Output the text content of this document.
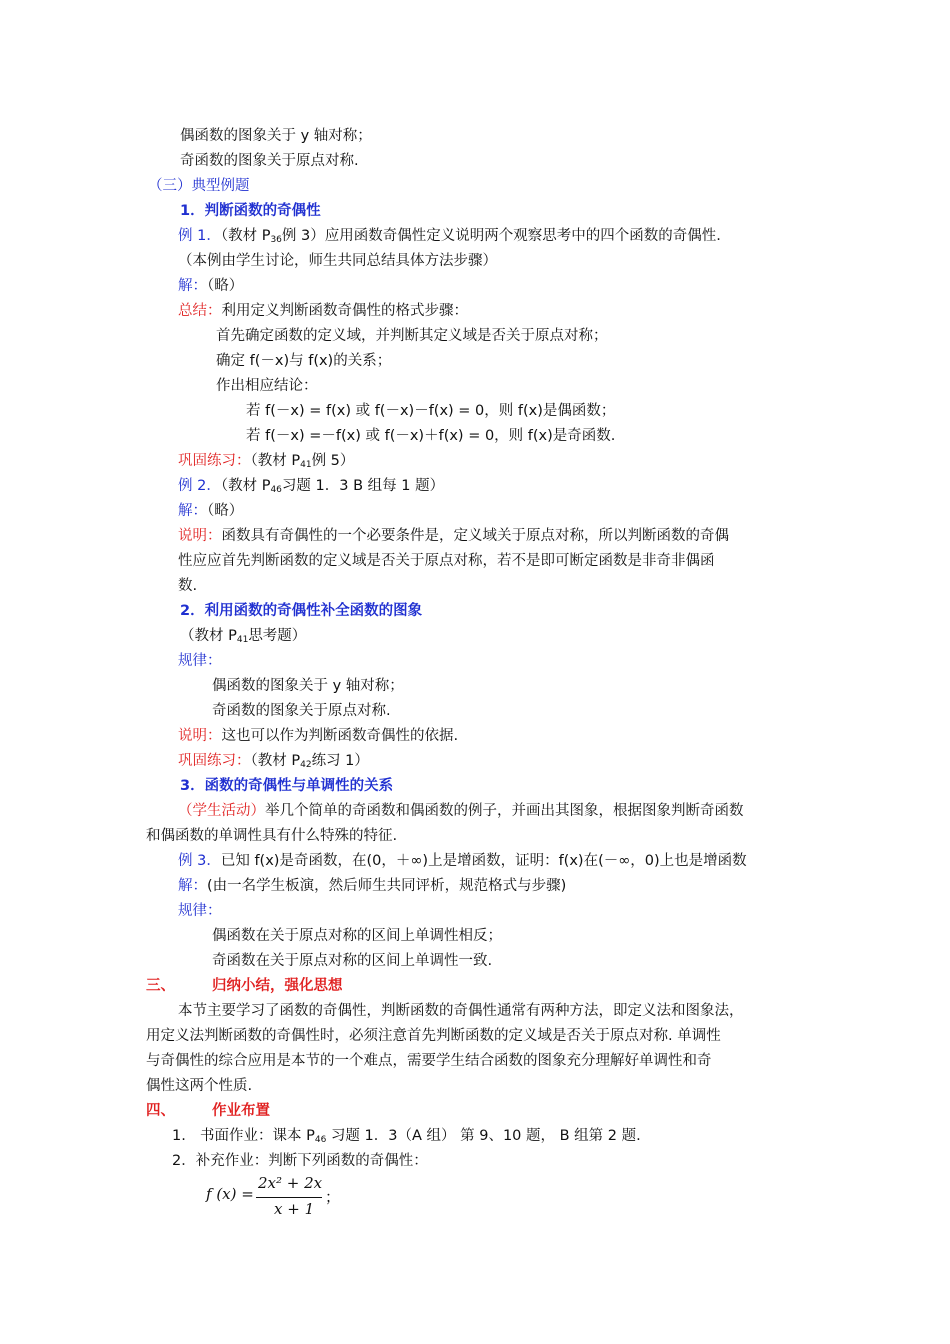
偶函数的图象关于 y 轴对称；
奇函数的图象关于原点对称.
（三）典型例题
1．判断函数的奇偶性
例 1．（教材 $P_{36}$例 3）应用函数奇偶性定义说明两个观察思考中的四个函数的奇偶性.
（本例由学生讨论，师生共同总结具体方法步骤）
解：（略）
总结：利用定义判断函数奇偶性的格式步骤：
首先确定函数的定义域，并判断其定义域是否关于原点对称；
确定 f(－x)与 f(x)的关系；
作出相应结论：
若 f(－x) = f(x) 或 f(－x)－f(x) = 0，则 f(x)是偶函数；
若 f(－x) =－f(x) 或 f(－x)＋f(x) = 0，则 f(x)是奇函数.
巩固练习：（教材 $P_{41}$例 5）
例 2．（教材 $P_{46}$习题 1．3 B 组每 1 题）
解：（略）
说明：函数具有奇偶性的一个必要条件是，定义域关于原点对称，所以判断函数的奇偶
性应应首先判断函数的定义域是否关于原点对称，若不是即可断定函数是非奇非偶函
数.
2．利用函数的奇偶性补全函数的图象
（教材 $P_{41}$思考题）
规律：
偶函数的图象关于 y 轴对称；
奇函数的图象关于原点对称.
说明：这也可以作为判断函数奇偶性的依据.
巩固练习：（教材 $P_{42}$练习 1）
3．函数的奇偶性与单调性的关系
（学生活动）举几个简单的奇函数和偶函数的例子，并画出其图象，根据图象判断奇函数
和偶函数的单调性具有什么特殊的特征.
例 3．已知 f(x)是奇函数，在(0，＋∞)上是增函数，证明：f(x)在(－∞，0)上也是增函数
解：(由一名学生板演，然后师生共同评析，规范格式与步骤)
规律：
偶函数在关于原点对称的区间上单调性相反；
奇函数在关于原点对称的区间上单调性一致.
三、	归纳小结，强化思想
本节主要学习了函数的奇偶性，判断函数的奇偶性通常有两种方法，即定义法和图象法，
用定义法判断函数的奇偶性时，必须注意首先判断函数的定义域是否关于原点对称. 单调性
与奇偶性的综合应用是本节的一个难点，需要学生结合函数的图象充分理解好单调性和奇
偶性这两个性质.
四、	作业布置
1. 书面作业：课本 $P_{46}$ 习题 1．3（A 组） 第 9、10 题， B 组第 2 题.
2．补充作业：判断下列函数的奇偶性：
f (x) =
2x² + 2x
x + 1
；
